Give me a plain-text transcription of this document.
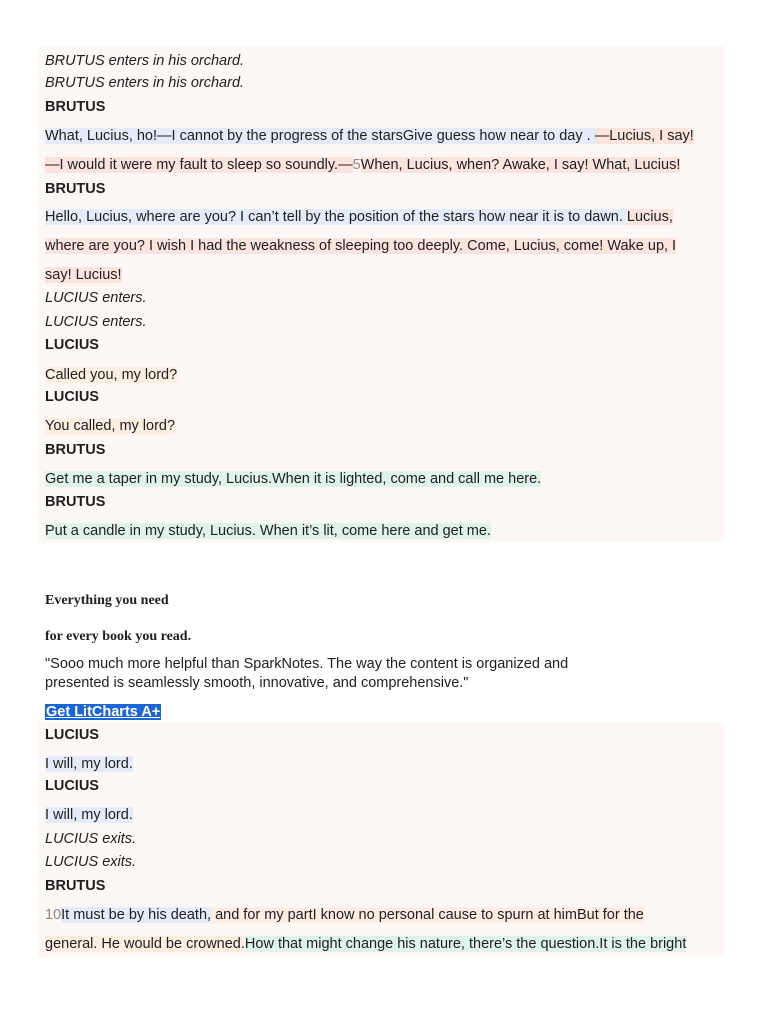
BRUTUS enters in his orchard.
BRUTUS enters in his orchard.
BRUTUS
What, Lucius, ho!—I cannot by the progress of the starsGive guess how near to day . —Lucius, I say!
—I would it were my fault to sleep so soundly.—5When, Lucius, when? Awake, I say! What, Lucius!
BRUTUS
Hello, Lucius, where are you? I can’t tell by the position of the stars how near it is to dawn. Lucius,
where are you? I wish I had the weakness of sleeping too deeply. Come, Lucius, come! Wake up, I
say! Lucius!
LUCIUS enters.
LUCIUS enters.
LUCIUS
Called you, my lord?
LUCIUS
You called, my lord?
BRUTUS
Get me a taper in my study, Lucius.When it is lighted, come and call me here.
BRUTUS
Put a candle in my study, Lucius. When it’s lit, come here and get me.
Everything you need
for every book you read.
"Sooo much more helpful than SparkNotes. The way the content is organized and presented is seamlessly smooth, innovative, and comprehensive."
Get LitCharts A+
LUCIUS
I will, my lord.
LUCIUS
I will, my lord.
LUCIUS exits.
LUCIUS exits.
BRUTUS
10It must be by his death, and for my partI know no personal cause to spurn at himBut for the
general. He would be crowned.How that might change his nature, there’s the question.It is the bright
